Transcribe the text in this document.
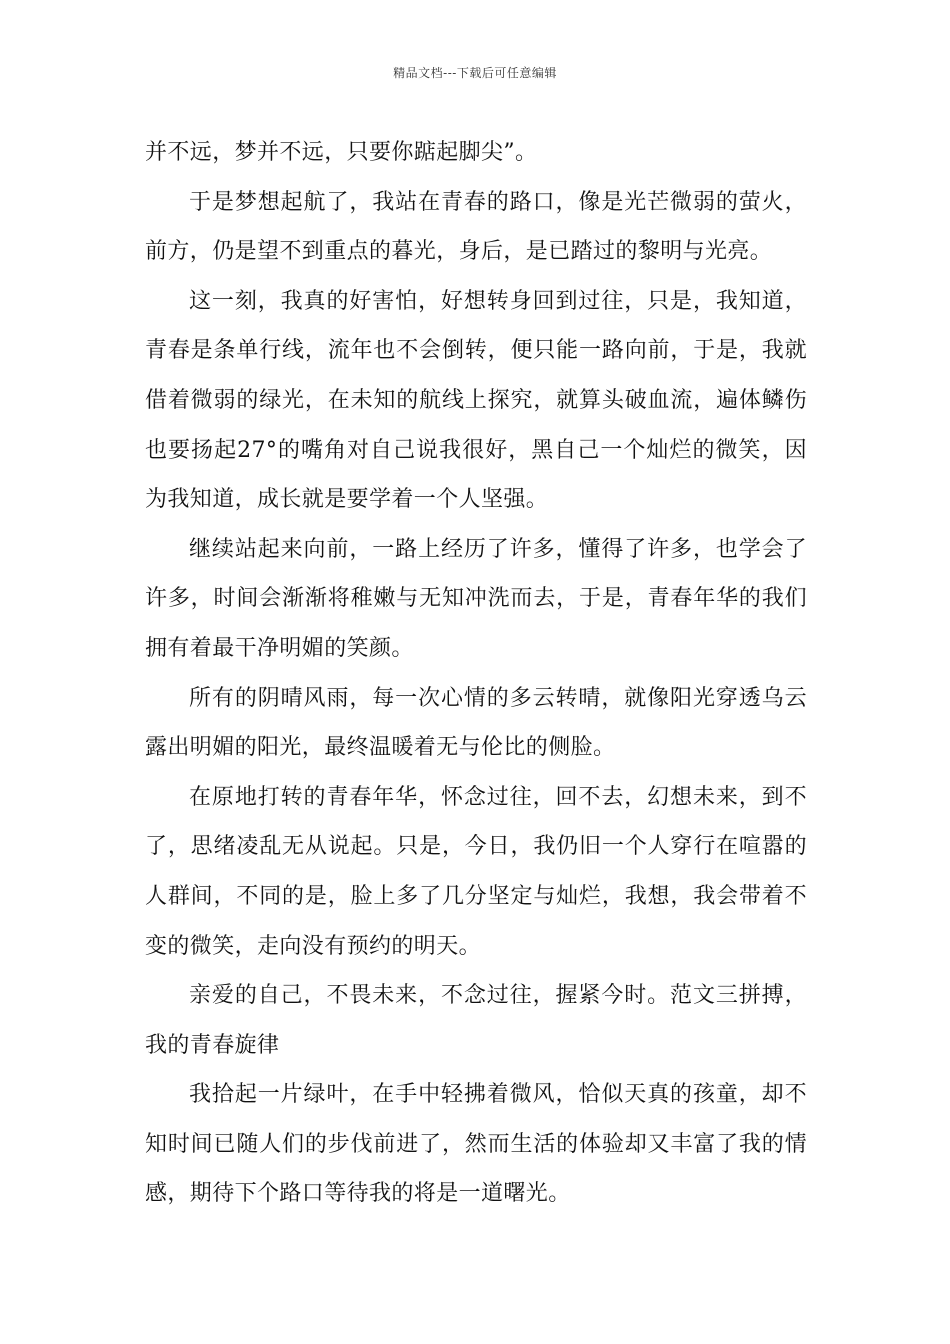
精品文档---下载后可任意编辑

并不远，梦并不远，只要你踮起脚尖”。

于是梦想起航了，我站在青春的路口，像是光芒微弱的萤火，前方，仍是望不到重点的暮光，身后，是已踏过的黎明与光亮。

这一刻，我真的好害怕，好想转身回到过往，只是，我知道，青春是条单行线，流年也不会倒转，便只能一路向前，于是，我就借着微弱的绿光，在未知的航线上探究，就算头破血流，遍体鳞伤也要扬起27°的嘴角对自己说我很好，黑自己一个灿烂的微笑，因为我知道，成长就是要学着一个人坚强。

继续站起来向前，一路上经历了许多，懂得了许多，也学会了许多，时间会渐渐将稚嫩与无知冲洗而去，于是，青春年华的我们拥有着最干净明媚的笑颜。

所有的阴晴风雨，每一次心情的多云转晴，就像阳光穿透乌云露出明媚的阳光，最终温暖着无与伦比的侧脸。

在原地打转的青春年华，怀念过往，回不去，幻想未来，到不了，思绪凌乱无从说起。只是，今日，我仍旧一个人穿行在喧嚣的人群间，不同的是，脸上多了几分坚定与灿烂，我想，我会带着不变的微笑，走向没有预约的明天。

亲爱的自己，不畏未来，不念过往，握紧今时。范文三拼搏，我的青春旋律

我拾起一片绿叶，在手中轻拂着微风，恰似天真的孩童，却不知时间已随人们的步伐前进了，然而生活的体验却又丰富了我的情感，期待下个路口等待我的将是一道曙光。
